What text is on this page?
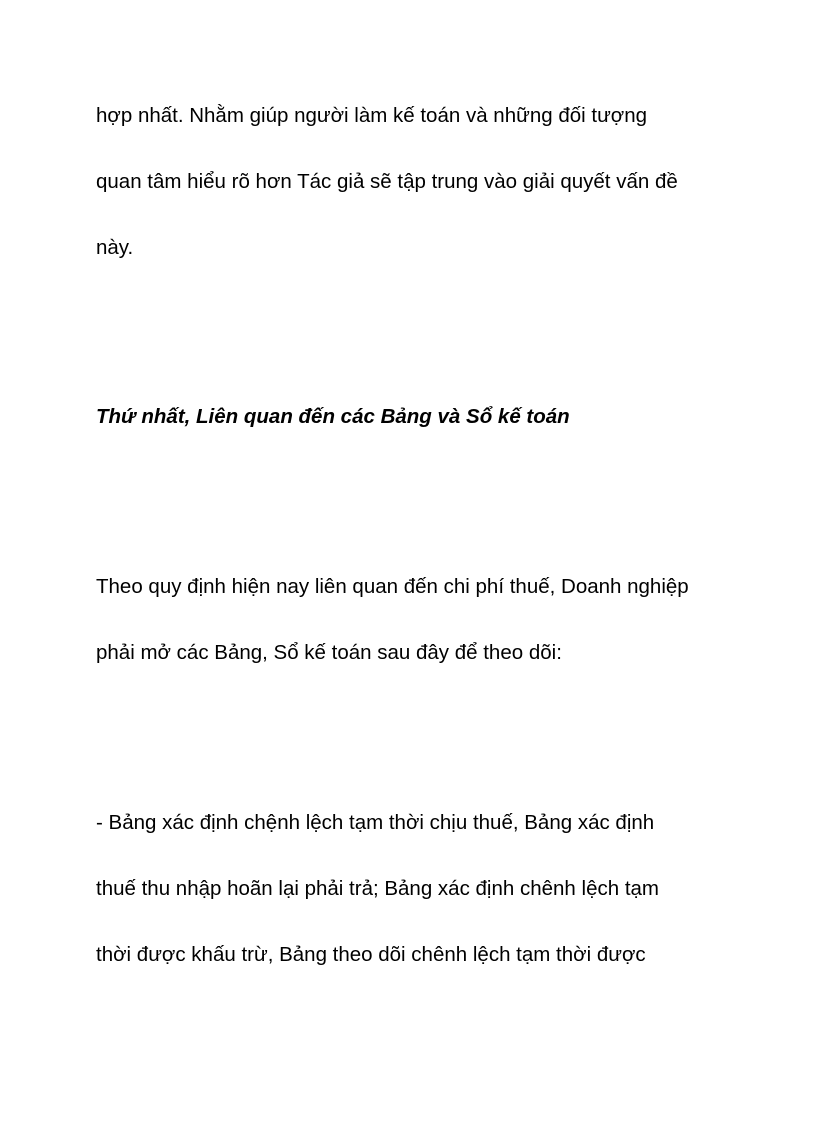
hợp nhất. Nhằm giúp người làm kế toán và những đối tượng

quan tâm hiểu rõ hơn Tác giả sẽ tập trung vào giải quyết vấn đề

này.

Thứ nhất, Liên quan đến các Bảng và Sổ kế toán

Theo quy định hiện nay liên quan đến chi phí thuế, Doanh nghiệp

phải mở các Bảng, Sổ kế toán sau đây để theo dõi:

- Bảng xác định chệnh lệch tạm thời chịu thuế, Bảng xác định

thuế thu nhập hoãn lại phải trả; Bảng xác định chênh lệch tạm

thời được khấu trừ, Bảng theo dõi chênh lệch tạm thời được
